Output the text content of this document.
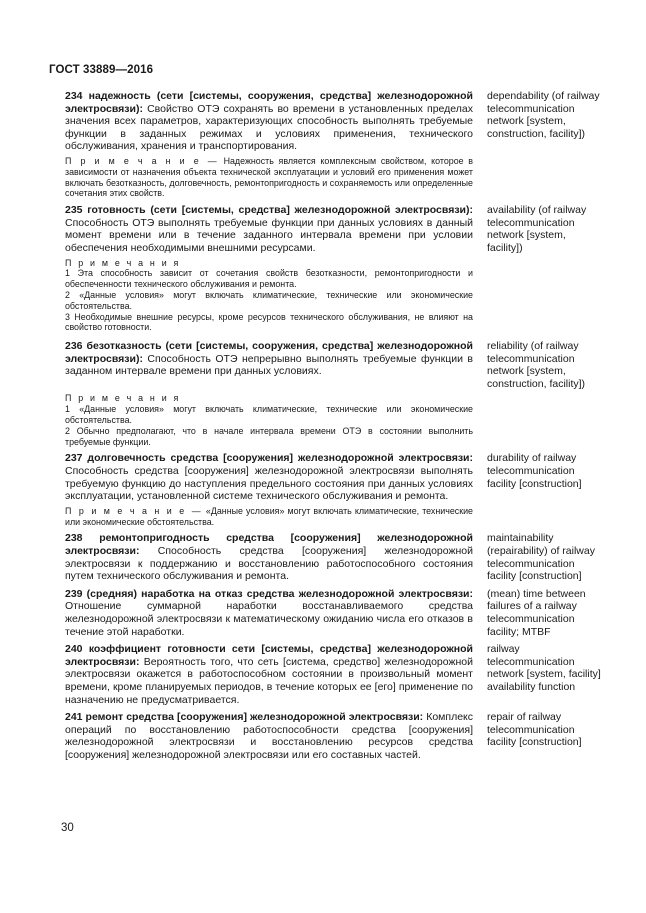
ГОСТ 33889—2016
234 надежность (сети [системы, сооружения, средства] железнодорожной электросвязи): Свойство ОТЭ сохранять во времени в установленных пределах значения всех параметров, характеризующих способность выполнять требуемые функции в заданных режимах и условиях применения, технического обслуживания, хранения и транспортирования.
dependability (of railway telecommunication network [system, construction, facility])
П р и м е ч а н и е — Надежность является комплексным свойством, которое в зависимости от назначения объекта технической эксплуатации и условий его применения может включать безотказность, долговечность, ремонтопригодность и сохраняемость или определенные сочетания этих свойств.
235 готовность (сети [системы, средства] железнодорожной электросвязи): Способность ОТЭ выполнять требуемые функции при данных условиях в данный момент времени или в течение заданного интервала времени при условии обеспечения необходимыми внешними ресурсами.
availability (of railway telecommunication network [system, facility])
П р и м е ч а н и я
1 Эта способность зависит от сочетания свойств безотказности, ремонтопригодности и обеспеченности технического обслуживания и ремонта.
2 «Данные условия» могут включать климатические, технические или экономические обстоятельства.
3 Необходимые внешние ресурсы, кроме ресурсов технического обслуживания, не влияют на свойство готовности.
236 безотказность (сети [системы, сооружения, средства] железнодорожной электросвязи): Способность ОТЭ непрерывно выполнять требуемые функции в заданном интервале времени при данных условиях.
reliability (of railway telecommunication network [system, construction, facility])
П р и м е ч а н и я
1 «Данные условия» могут включать климатические, технические или экономические обстоятельства.
2 Обычно предполагают, что в начале интервала времени ОТЭ в состоянии выполнить требуемые функции.
237 долговечность средства [сооружения] железнодорожной электросвязи: Способность средства [сооружения] железнодорожной электросвязи выполнять требуемую функцию до наступления предельного состояния при данных условиях эксплуатации, установленной системе технического обслуживания и ремонта.
durability of railway telecommunication facility [construction]
П р и м е ч а н и е — «Данные условия» могут включать климатические, технические или экономические обстоятельства.
238 ремонтопригодность средства [сооружения] железнодорожной электросвязи: Способность средства [сооружения] железнодорожной электросвязи к поддержанию и восстановлению работоспособного состояния путем технического обслуживания и ремонта.
maintainability (repairability) of railway telecommunication facility [construction]
239 (средняя) наработка на отказ средства железнодорожной электросвязи: Отношение суммарной наработки восстанавливаемого средства железнодорожной электросвязи к математическому ожиданию числа его отказов в течение этой наработки.
(mean) time between failures of a railway telecommunication facility; MTBF
240 коэффициент готовности сети [системы, средства] железнодорожной электросвязи: Вероятность того, что сеть [система, средство] железнодорожной электросвязи окажется в работоспособном состоянии в произвольный момент времени, кроме планируемых периодов, в течение которых ее [его] применение по назначению не предусматривается.
railway telecommunication network [system, facility] availability function
241 ремонт средства [сооружения] железнодорожной электросвязи: Комплекс операций по восстановлению работоспособности средства [сооружения] железнодорожной электросвязи и восстановлению ресурсов средства [сооружения] железнодорожной электросвязи или его составных частей.
repair of railway telecommunication facility [construction]
30
